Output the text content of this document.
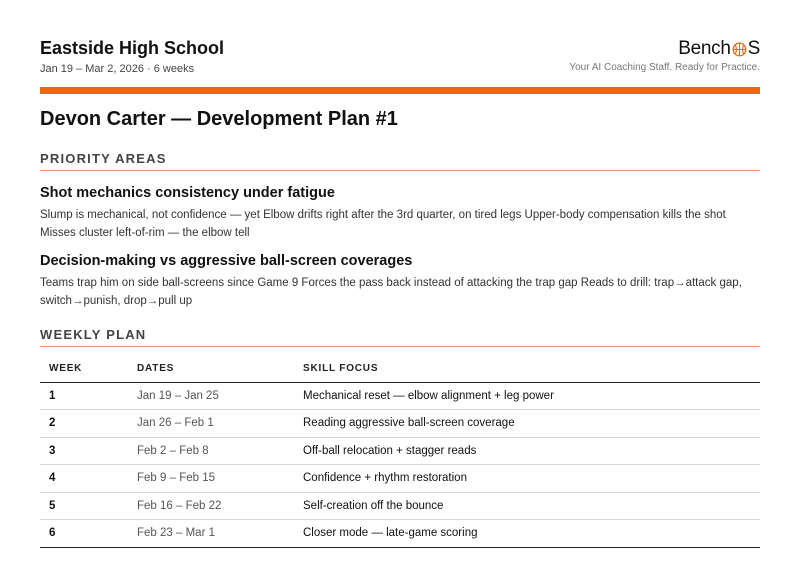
Eastside High School
Jan 19 – Mar 2, 2026 · 6 weeks
Bench S
Your AI Coaching Staff. Ready for Practice.
Devon Carter — Development Plan #1
PRIORITY AREAS
Shot mechanics consistency under fatigue
Slump is mechanical, not confidence — yet Elbow drifts right after the 3rd quarter, on tired legs Upper-body compensation kills the shot Misses cluster left-of-rim — the elbow tell
Decision-making vs aggressive ball-screen coverages
Teams trap him on side ball-screens since Game 9 Forces the pass back instead of attacking the trap gap Reads to drill: trap→attack gap, switch→punish, drop→pull up
WEEKLY PLAN
WEEK	DATES	SKILL FOCUS
1	Jan 19 – Jan 25	Mechanical reset — elbow alignment + leg power
2	Jan 26 – Feb 1	Reading aggressive ball-screen coverage
3	Feb 2 – Feb 8	Off-ball relocation + stagger reads
4	Feb 9 – Feb 15	Confidence + rhythm restoration
5	Feb 16 – Feb 22	Self-creation off the bounce
6	Feb 23 – Mar 1	Closer mode — late-game scoring
